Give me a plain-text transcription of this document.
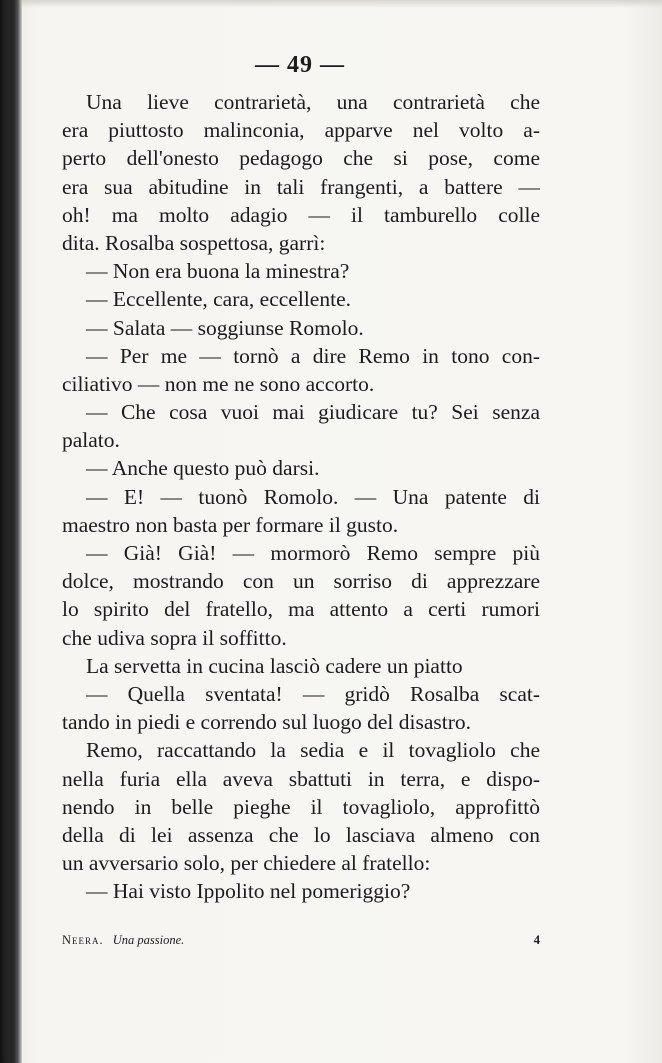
— 49 —
Una lieve contrarietà, una contrarietà che
era piuttosto malinconia, apparve nel volto a-
perto dell'onesto pedagogo che si pose, come
era sua abitudine in tali frangenti, a battere —
oh! ma molto adagio — il tamburello colle
dita. Rosalba sospettosa, garrì:
— Non era buona la minestra?
— Eccellente, cara, eccellente.
— Salata — soggiunse Romolo.
— Per me — tornò a dire Remo in tono con-
ciliativo — non me ne sono accorto.
— Che cosa vuoi mai giudicare tu? Sei senza
palato.
— Anche questo può darsi.
— E! — tuonò Romolo. — Una patente di
maestro non basta per formare il gusto.
— Già! Già! — mormorò Remo sempre più
dolce, mostrando con un sorriso di apprezzare
lo spirito del fratello, ma attento a certi rumori
che udiva sopra il soffitto.
La servetta in cucina lasciò cadere un piatto
— Quella sventata! — gridò Rosalba scat-
tando in piedi e correndo sul luogo del disastro.
Remo, raccattando la sedia e il tovagliolo che
nella furia ella aveva sbattuti in terra, e dispo-
nendo in belle pieghe il tovagliolo, approfittò
della di lei assenza che lo lasciava almeno con
un avversario solo, per chiedere al fratello:
— Hai visto Ippolito nel pomeriggio?
Neera. Una passione.	4
